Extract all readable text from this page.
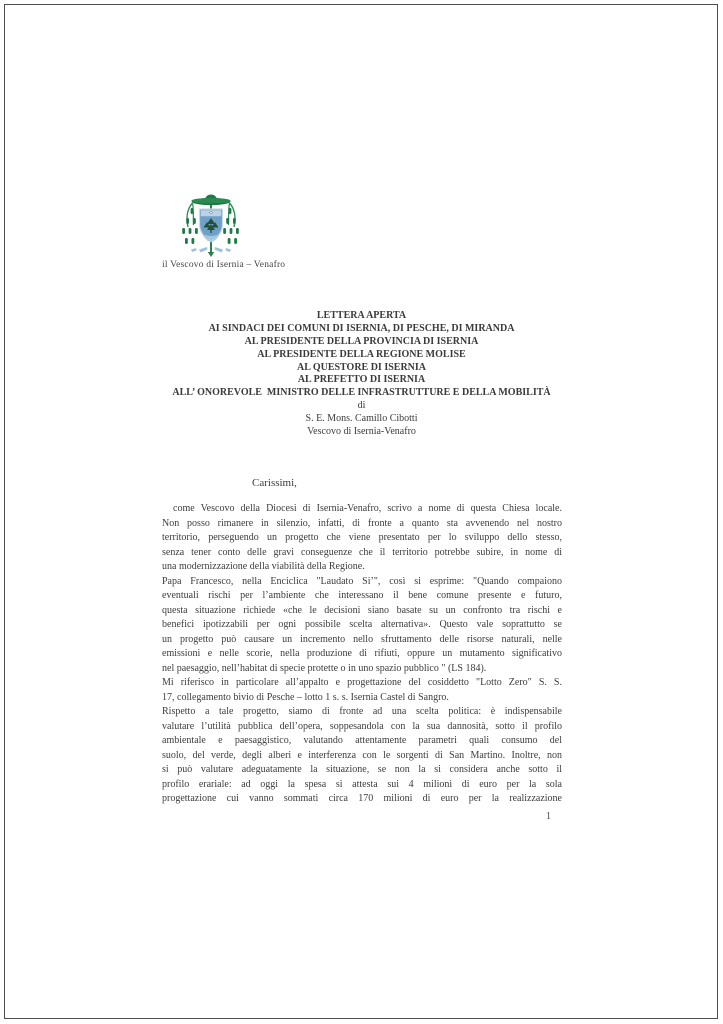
il Vescovo di Isernia – Venafro
LETTERA APERTA
AI SINDACI DEI COMUNI DI ISERNIA, DI PESCHE, DI MIRANDA
AL PRESIDENTE DELLA PROVINCIA DI ISERNIA
AL PRESIDENTE DELLA REGIONE MOLISE
AL QUESTORE DI ISERNIA
AL PREFETTO DI ISERNIA
ALL’ ONOREVOLE  MINISTRO DELLE INFRASTRUTTURE E DELLA MOBILITÀ
di
S. E. Mons. Camillo Cibotti
Vescovo di Isernia-Venafro
Carissimi,
come Vescovo della Diocesi di Isernia-Venafro, scrivo a nome di questa Chiesa locale.
Non posso rimanere in silenzio, infatti, di fronte a quanto sta avvenendo nel nostro
territorio, perseguendo un progetto che viene presentato per lo sviluppo dello stesso,
senza tener conto delle gravi conseguenze che il territorio potrebbe subire, in nome di
una modernizzazione della viabilità della Regione.
Papa Francesco, nella Enciclica "Laudato Si’", così si esprime: "Quando compaiono
eventuali rischi per l’ambiente che interessano il bene comune presente e futuro,
questa situazione richiede «che le decisioni siano basate su un confronto tra rischi e
benefici ipotizzabili per ogni possibile scelta alternativa». Questo vale soprattutto se
un progetto può causare un incremento nello sfruttamento delle risorse naturali, nelle
emissioni e nelle scorie, nella produzione di rifiuti, oppure un mutamento significativo
nel paesaggio, nell’habitat di specie protette o in uno spazio pubblico " (LS 184).
Mi riferisco in particolare all’appalto e progettazione del cosiddetto "Lotto Zero" S. S.
17, collegamento bivio di Pesche – lotto 1 s. s. Isernia Castel di Sangro.
Rispetto a tale progetto, siamo di fronte ad una scelta politica: è indispensabile
valutare l’utilità pubblica dell’opera, soppesandola con la sua dannosità, sotto il profilo
ambientale e paesaggistico, valutando attentamente parametri quali consumo del
suolo, del verde, degli alberi e interferenza con le sorgenti di San Martino. Inoltre, non
si può valutare adeguatamente la situazione, se non la si considera anche sotto il
profilo erariale: ad oggi la spesa si attesta sui 4 milioni di euro per la sola
progettazione cui vanno sommati circa 170 milioni di euro per la realizzazione
1
